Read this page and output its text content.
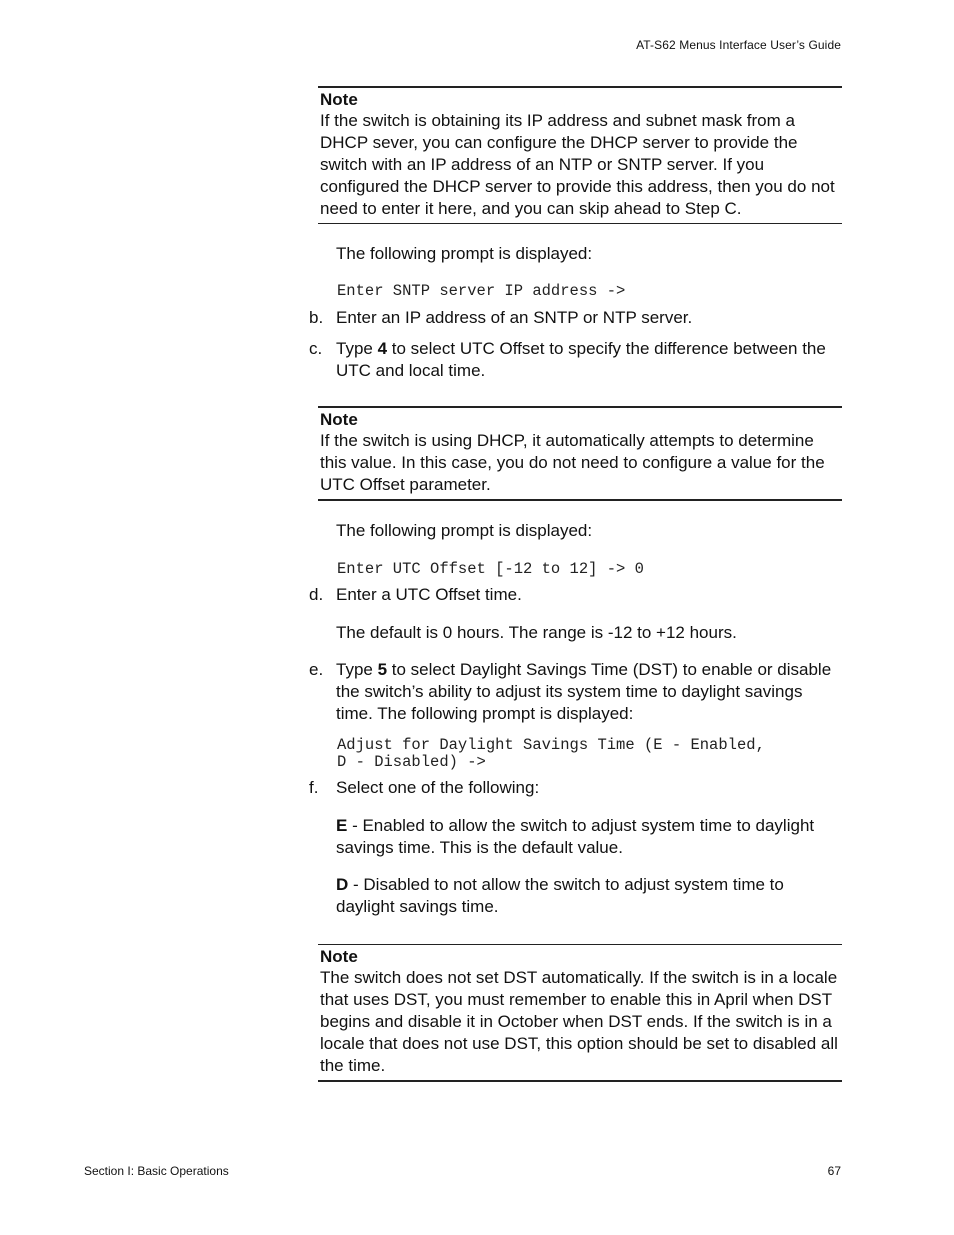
AT-S62 Menus Interface User’s Guide
Note
If the switch is obtaining its IP address and subnet mask from a DHCP sever, you can configure the DHCP server to provide the switch with an IP address of an NTP or SNTP server. If you configured the DHCP server to provide this address, then you do not need to enter it here, and you can skip ahead to Step C.
The following prompt is displayed:
Enter SNTP server IP address ->
b. Enter an IP address of an SNTP or NTP server.
c. Type 4 to select UTC Offset to specify the difference between the UTC and local time.
Note
If the switch is using DHCP, it automatically attempts to determine this value. In this case, you do not need to configure a value for the UTC Offset parameter.
The following prompt is displayed:
Enter UTC Offset [-12 to 12] -> 0
d. Enter a UTC Offset time.
The default is 0 hours. The range is -12 to +12 hours.
e. Type 5 to select Daylight Savings Time (DST) to enable or disable the switch’s ability to adjust its system time to daylight savings time. The following prompt is displayed:
Adjust for Daylight Savings Time (E - Enabled,
D - Disabled) ->
f. Select one of the following:
E - Enabled to allow the switch to adjust system time to daylight savings time. This is the default value.
D - Disabled to not allow the switch to adjust system time to daylight savings time.
Note
The switch does not set DST automatically. If the switch is in a locale that uses DST, you must remember to enable this in April when DST begins and disable it in October when DST ends. If the switch is in a locale that does not use DST, this option should be set to disabled all the time.
Section I: Basic Operations	67
